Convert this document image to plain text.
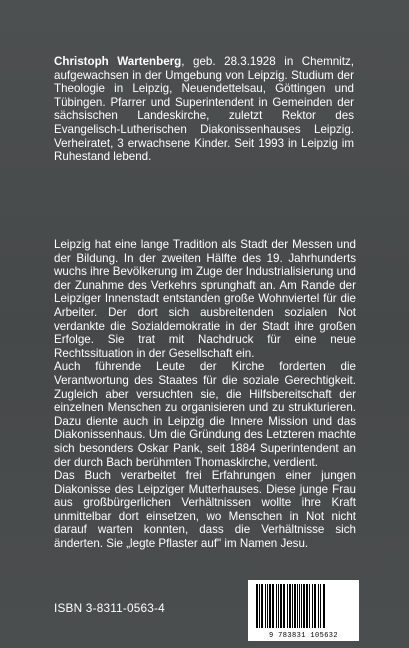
Christoph Wartenberg, geb. 28.3.1928 in Chemnitz, aufgewachsen in der Umgebung von Leipzig. Studium der Theologie in Leipzig, Neuendettelsau, Göttingen und Tübingen. Pfarrer und Superintendent in Gemeinden der sächsischen Landeskirche, zuletzt Rektor des Evangelisch-Lutherischen Diakonissenhauses Leipzig. Verheiratet, 3 erwachsene Kinder. Seit 1993 in Leipzig im Ruhestand lebend.

Leipzig hat eine lange Tradition als Stadt der Messen und der Bildung. In der zweiten Hälfte des 19. Jahrhunderts wuchs ihre Bevölkerung im Zuge der Industrialisierung und der Zunahme des Verkehrs sprunghaft an. Am Rande der Leipziger Innenstadt entstanden große Wohnviertel für die Arbeiter. Der dort sich ausbreitenden sozialen Not verdankte die Sozialdemokratie in der Stadt ihre großen Erfolge. Sie trat mit Nachdruck für eine neue Rechtssituation in der Gesellschaft ein.

Auch führende Leute der Kirche forderten die Verantwortung des Staates für die soziale Gerechtigkeit. Zugleich aber versuchten sie, die Hilfsbereitschaft der einzelnen Menschen zu organisieren und zu strukturieren. Dazu diente auch in Leipzig die Innere Mission und das Diakonissenhaus. Um die Gründung des Letzteren machte sich besonders Oskar Pank, seit 1884 Superintendent an der durch Bach berühmten Thomaskirche, verdient.

Das Buch verarbeitet frei Erfahrungen einer jungen Diakonisse des Leipziger Mutterhauses. Diese junge Frau aus großbürgerlichen Verhältnissen wollte ihre Kraft unmittelbar dort einsetzen, wo Menschen in Not nicht darauf warten konnten, dass die Verhältnisse sich änderten. Sie „legte Pflaster auf" im Namen Jesu.

ISBN 3-8311-0563-4
9 783831 105632
